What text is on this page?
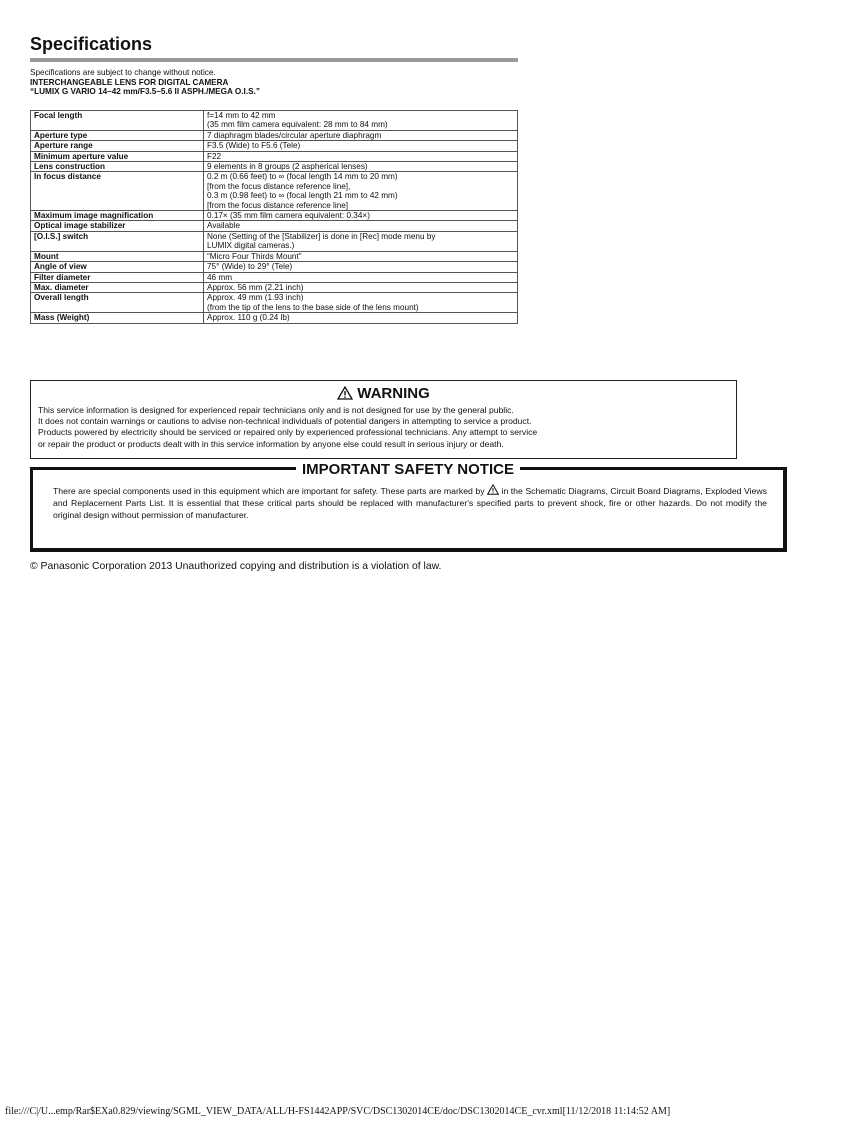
Specifications
Specifications are subject to change without notice.
INTERCHANGEABLE LENS FOR DIGITAL CAMERA
“LUMIX G VARIO 14–42 mm/F3.5–5.6 II ASPH./MEGA O.I.S.”
Focal length	f=14 mm to 42 mm
(35 mm film camera equivalent: 28 mm to 84 mm)

Aperture type	7 diaphragm blades/circular aperture diaphragm

Aperture range	F3.5 (Wide) to F5.6 (Tele)

Minimum aperture value	F22

Lens construction	9 elements in 8 groups (2 aspherical lenses)

In focus distance	0.2 m (0.66 feet) to ∞ (focal length 14 mm to 20 mm)
[from the focus distance reference line],
0.3 m (0.98 feet) to ∞ (focal length 21 mm to 42 mm)
[from the focus distance reference line]

Maximum image magnification	0.17× (35 mm film camera equivalent: 0.34×)

Optical image stabilizer	Available

[O.I.S.] switch	None (Setting of the [Stabilizer] is done in [Rec] mode menu by
LUMIX digital cameras.)

Mount	“Micro Four Thirds Mount”

Angle of view	75° (Wide) to 29° (Tele)

Filter diameter	46 mm

Max. diameter	Approx. 56 mm (2.21 inch)

Overall length	Approx. 49 mm (1.93 inch)
(from the tip of the lens to the base side of the lens mount)

Mass (Weight)	Approx. 110 g (0.24 lb)
WARNING
This service information is designed for experienced repair technicians only and is not designed for use by the general public.
It does not contain warnings or cautions to advise non-technical individuals of potential dangers in attempting to service a product.
Products powered by electricity should be serviced or repaired only by experienced professional technicians. Any attempt to service
or repair the product or products dealt with in this service information by anyone else could result in serious injury or death.
IMPORTANT SAFETY NOTICE
There are special components used in this equipment which are important for safety. These parts are marked by in the Schematic Diagrams, Circuit Board Diagrams, Exploded Views and Replacement Parts List. It is essential that these critical parts should be replaced with manufacturer's specified parts to prevent shock, fire or other hazards. Do not modify the original design without permission of manufacturer.
© Panasonic Corporation 2013 Unauthorized copying and distribution is a violation of law.
file:///C|/U...emp/Rar$EXa0.829/viewing/SGML_VIEW_DATA/ALL/H-FS1442APP/SVC/DSC1302014CE/doc/DSC1302014CE_cvr.xml[11/12/2018 11:14:52 AM]
